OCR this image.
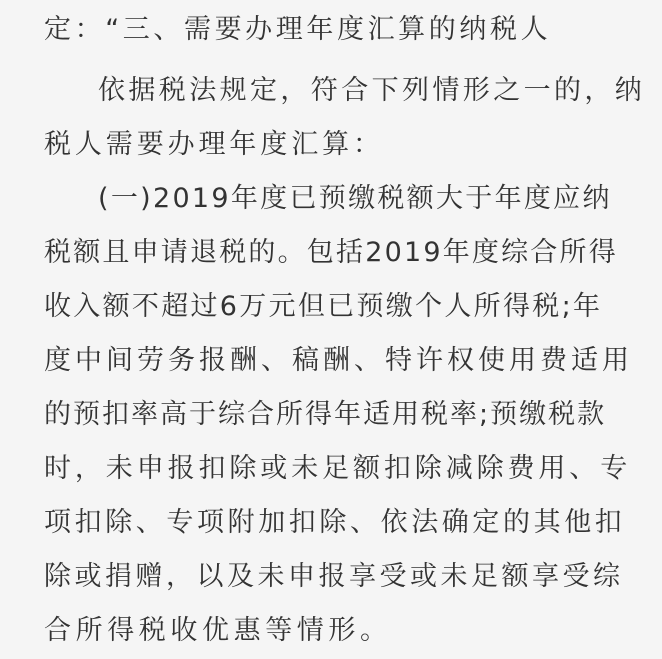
定：“三、需要办理年度汇算的纳税人
依据税法规定，符合下列情形之一的，纳
税人需要办理年度汇算：
(一)2019年度已预缴税额大于年度应纳
税额且申请退税的。包括2019年度综合所得
收入额不超过6万元但已预缴个人所得税;年
度中间劳务报酬、稿酬、特许权使用费适用
的预扣率高于综合所得年适用税率;预缴税款
时，未申报扣除或未足额扣除减除费用、专
项扣除、专项附加扣除、依法确定的其他扣
除或捐赠，以及未申报享受或未足额享受综
合所得税收优惠等情形。
